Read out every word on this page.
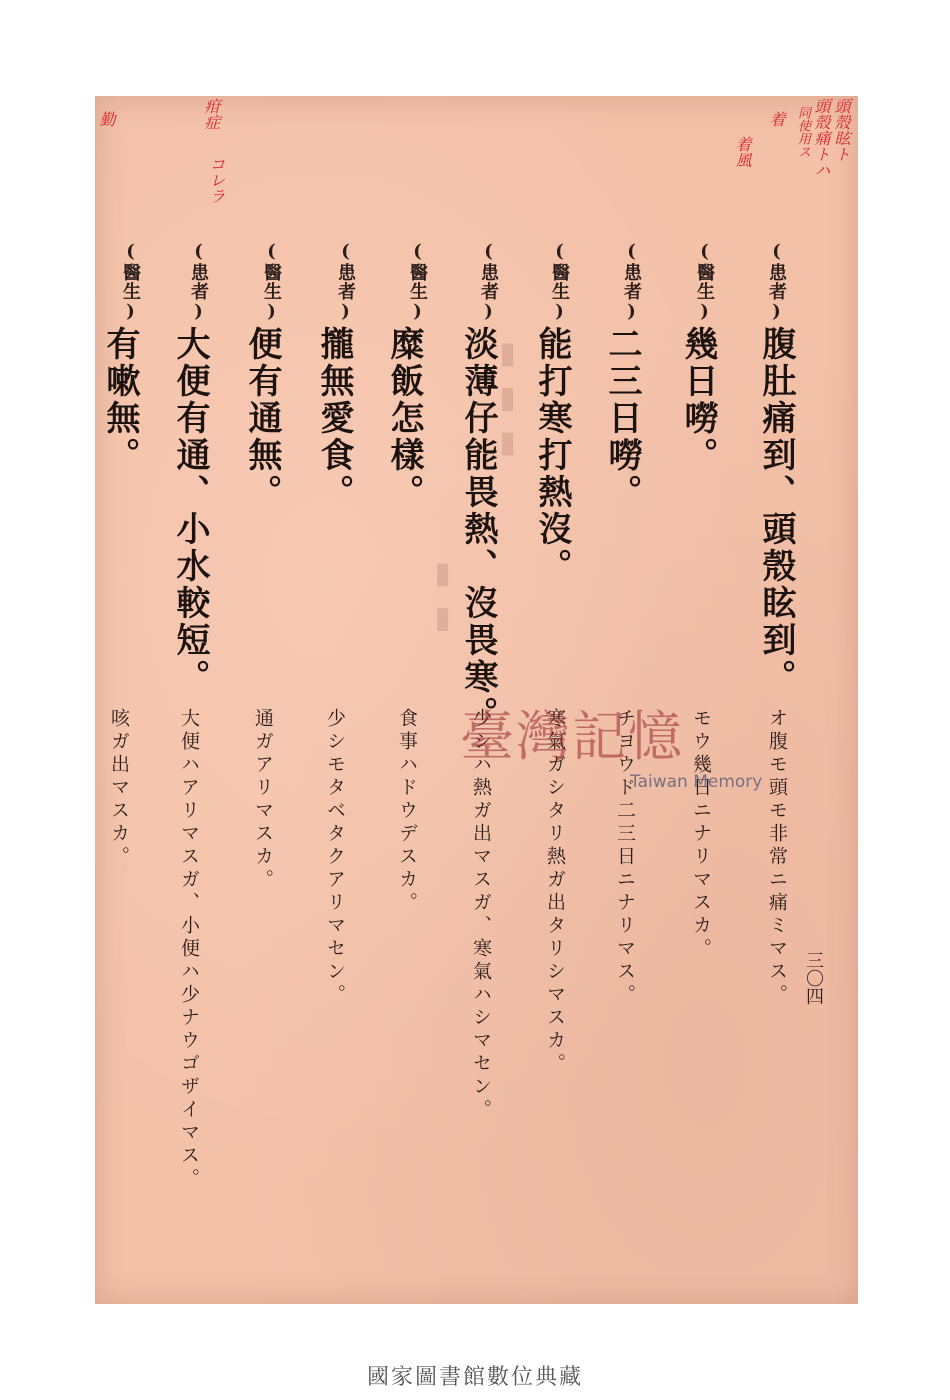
▮ ▮ ▮
▮ ▮
三〇四
頭殼眩ト
頭殼痛トハ
同使用ス
着
着風
疳症
コレラ
勤
(患者)
腹肚痛到、頭殼眩到。
オ腹モ頭モ非常ニ痛ミマス。
(醫生)
幾日嘮。
モウ幾日ニナリマスカ。
(患者)
二三日嘮。
チヨウド二三日ニナリマス。
(醫生)
能打寒打熱沒。
寒氣ガシタリ熱ガ出タリシマスカ。
(患者)
淡薄仔能畏熱、沒畏寒。
少シハ熱ガ出マスガ、寒氣ハシマセン。
(醫生)
糜飯怎樣。
食事ハドウデスカ。
(患者)
攏無愛食。
少シモタベタクアリマセン。
(醫生)
便有通無。
通ガアリマスカ。
(患者)
大便有通、小水較短。
大便ハアリマスガ、小便ハ少ナウゴザイマス。
(醫生)
有嗽無。
咳ガ出マスカ。	臺灣記憶
Taiwan Memory
國家圖書館數位典藏
